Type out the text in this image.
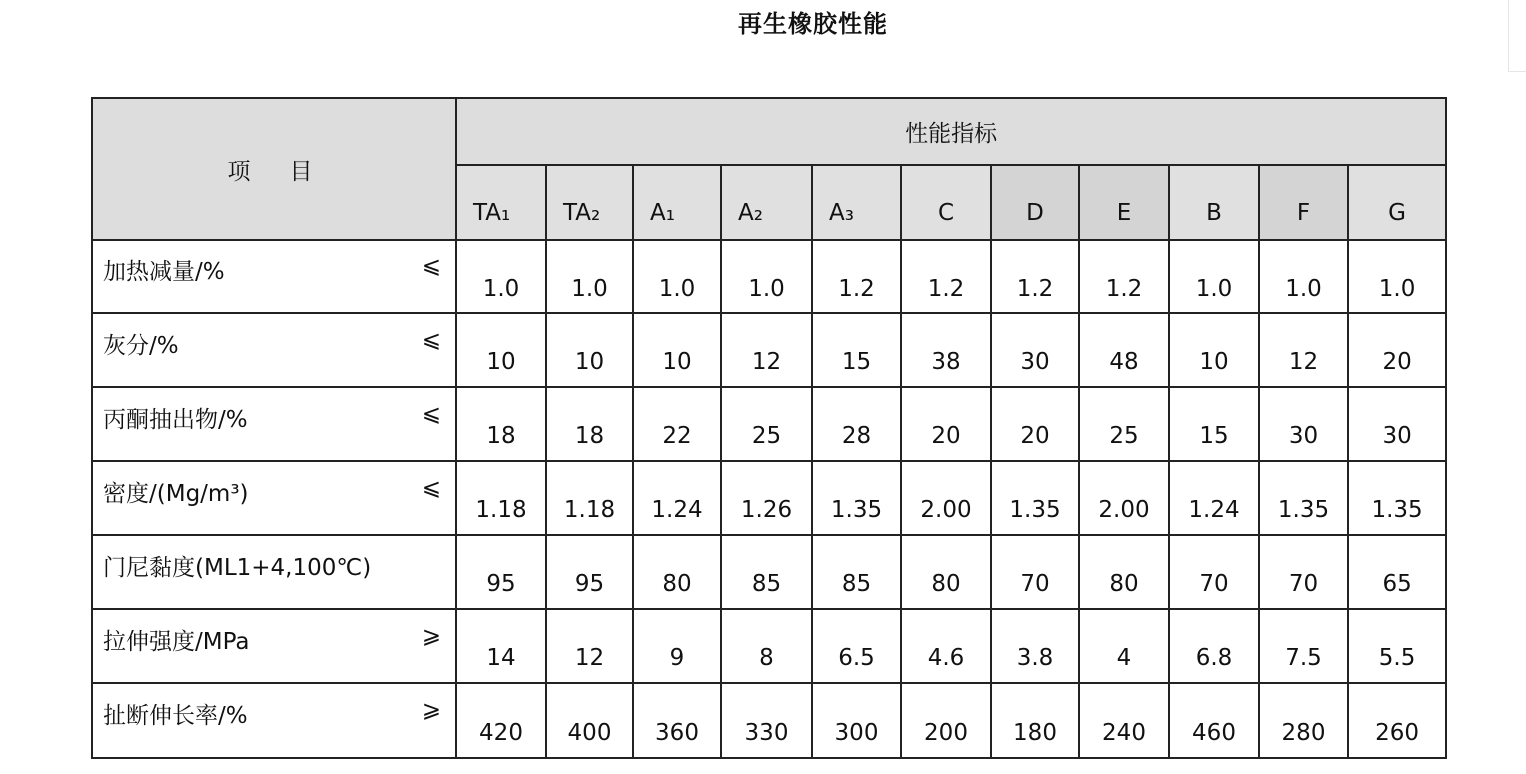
再生橡胶性能
项　目	性能指标										
	TA₁	TA₂	A₁	A₂	A₃	C	D	E	B	F	G

加热减量/% ⩽	1.0	1.0	1.0	1.0	1.2	1.2	1.2	1.2	1.0	1.0	1.0

灰分/% ⩽	10	10	10	12	15	38	30	48	10	12	20

丙酮抽出物/% ⩽	18	18	22	25	28	20	20	25	15	30	30

密度/(Mg/m³) ⩽	1.18	1.18	1.24	1.26	1.35	2.00	1.35	2.00	1.24	1.35	1.35

门尼黏度(ML1+4,100℃)	95	95	80	85	85	80	70	80	70	70	65

拉伸强度/MPa ⩾	14	12	9	8	6.5	4.6	3.8	4	6.8	7.5	5.5

扯断伸长率/% ⩾	420	400	360	330	300	200	180	240	460	280	260
